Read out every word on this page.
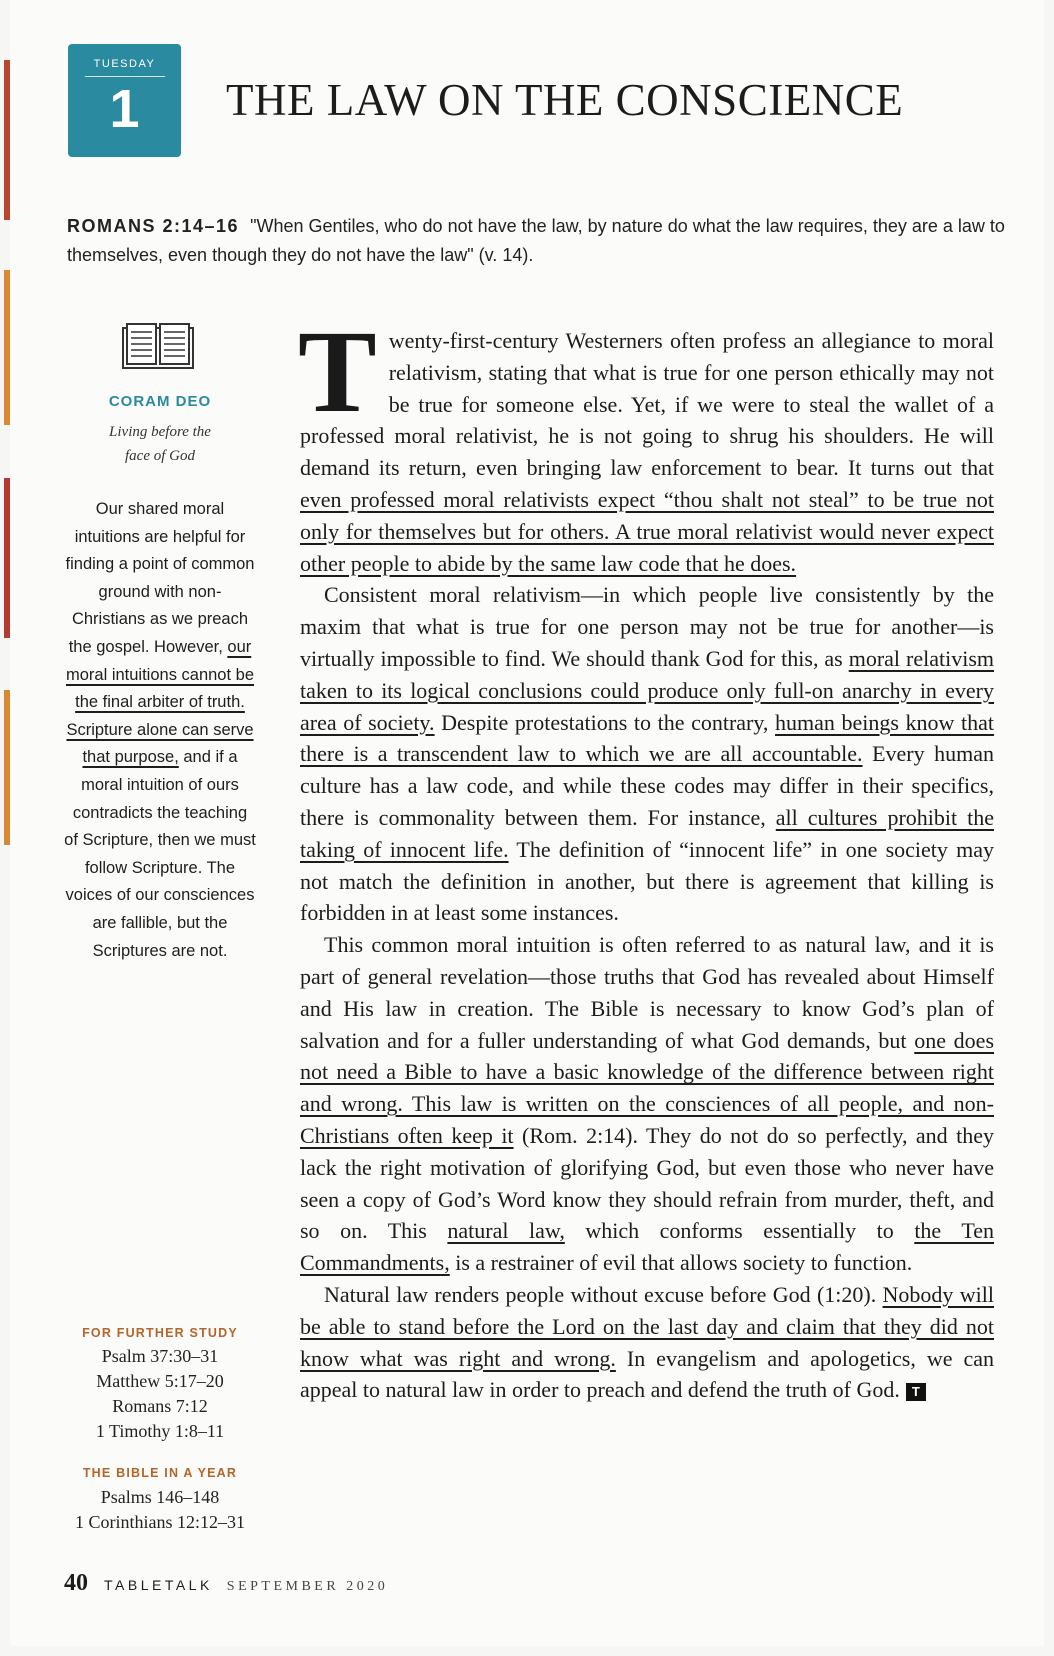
TUESDAY
1	THE LAW ON THE CONSCIENCE
ROMANS 2:14–16 "When Gentiles, who do not have the law, by nature do what the law requires, they are a law to themselves, even though they do not have the law" (v. 14).
CORAM DEO
Living before the
face of God
Our shared moral intuitions are helpful for finding a point of common ground with non-Christians as we preach the gospel. However, our moral intuitions cannot be the final arbiter of truth. Scripture alone can serve that purpose, and if a moral intuition of ours contradicts the teaching of Scripture, then we must follow Scripture. The voices of our consciences are fallible, but the Scriptures are not.
FOR FURTHER STUDY
Psalm 37:30–31
Matthew 5:17–20
Romans 7:12
1 Timothy 1:8–11
THE BIBLE IN A YEAR
Psalms 146–148
1 Corinthians 12:12–31

Twenty-first-century Westerners often profess an allegiance to moral relativism, stating that what is true for one person ethically may not be true for someone else. Yet, if we were to steal the wallet of a professed moral relativist, he is not going to shrug his shoulders. He will demand its return, even bringing law enforcement to bear. It turns out that even professed moral relativists expect “thou shalt not steal” to be true not only for themselves but for others. A true moral relativist would never expect other people to abide by the same law code that he does.

Consistent moral relativism—in which people live consistently by the maxim that what is true for one person may not be true for another—is virtually impossible to find. We should thank God for this, as moral relativism taken to its logical conclusions could produce only full-on anarchy in every area of society. Despite protestations to the contrary, human beings know that there is a transcendent law to which we are all accountable. Every human culture has a law code, and while these codes may differ in their specifics, there is commonality between them. For instance, all cultures prohibit the taking of innocent life. The definition of “innocent life” in one society may not match the definition in another, but there is agreement that killing is forbidden in at least some instances.

This common moral intuition is often referred to as natural law, and it is part of general revelation—those truths that God has revealed about Himself and His law in creation. The Bible is necessary to know God’s plan of salvation and for a fuller understanding of what God demands, but one does not need a Bible to have a basic knowledge of the difference between right and wrong. This law is written on the consciences of all people, and non-Christians often keep it (Rom. 2:14). They do not do so perfectly, and they lack the right motivation of glorifying God, but even those who never have seen a copy of God’s Word know they should refrain from murder, theft, and so on. This natural law, which conforms essentially to the Ten Commandments, is a restrainer of evil that allows society to function.

Natural law renders people without excuse before God (1:20). Nobody will be able to stand before the Lord on the last day and claim that they did not know what was right and wrong. In evangelism and apologetics, we can appeal to natural law in order to preach and defend the truth of God. T

40 TABLETALK SEPTEMBER 2020
